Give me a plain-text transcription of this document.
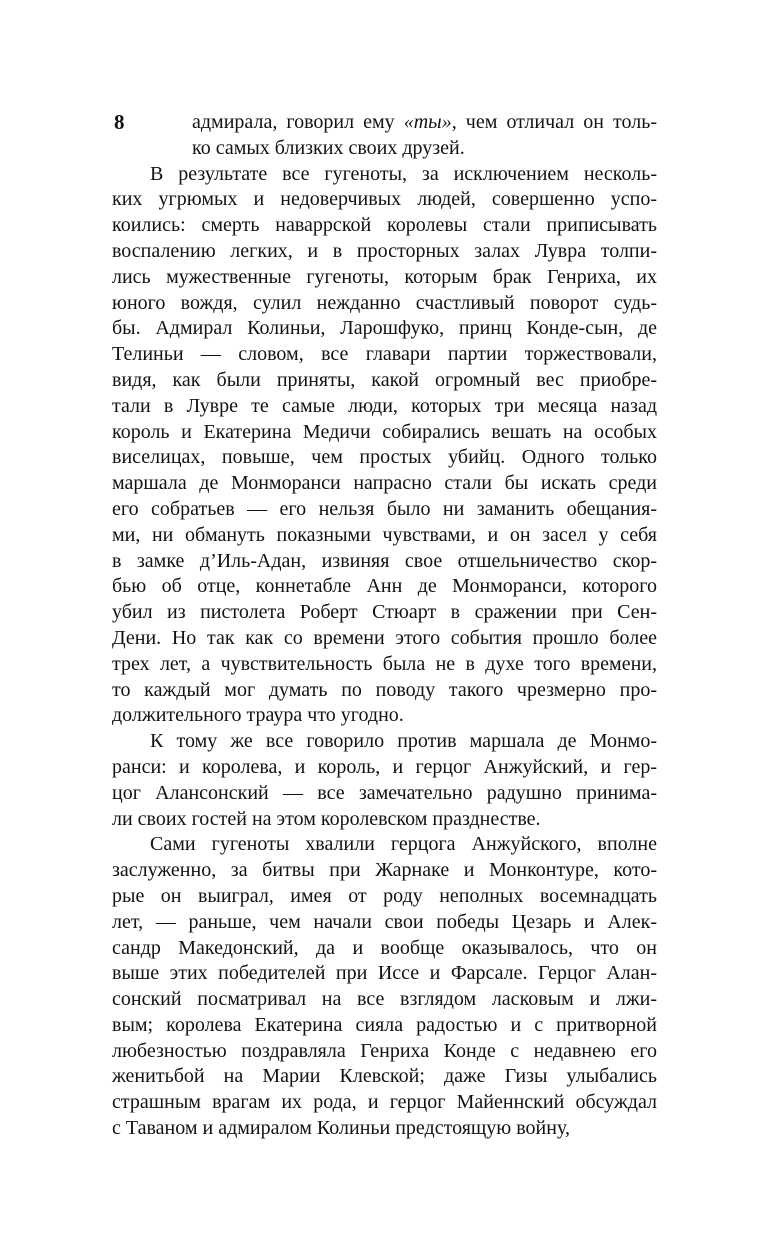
8	адмирала, говорил ему «ты», чем отличал он толь-
ко самых близких своих друзей.
В результате все гугеноты, за исключением несколь-
ких угрюмых и недоверчивых людей, совершенно успо-
коились: смерть наваррской королевы стали приписывать
воспалению легких, и в просторных залах Лувра толпи-
лись мужественные гугеноты, которым брак Генриха, их
юного вождя, сулил нежданно счастливый поворот судь-
бы. Адмирал Колиньи, Ларошфуко, принц Конде-сын, де
Телиньи — словом, все главари партии торжествовали,
видя, как были приняты, какой огромный вес приобре-
тали в Лувре те самые люди, которых три месяца назад
король и Екатерина Медичи собирались вешать на особых
виселицах, повыше, чем простых убийц. Одного только
маршала де Монморанси напрасно стали бы искать среди
его собратьев — его нельзя было ни заманить обещания-
ми, ни обмануть показными чувствами, и он засел у себя
в замке д’Иль-Адан, извиняя свое отшельничество скор-
бью об отце, коннетабле Анн де Монморанси, которого
убил из пистолета Роберт Стюарт в сражении при Сен-
Дени. Но так как со времени этого события прошло более
трех лет, а чувствительность была не в духе того времени,
то каждый мог думать по поводу такого чрезмерно про-
должительного траура что угодно.
К тому же все говорило против маршала де Монмо-
ранси: и королева, и король, и герцог Анжуйский, и гер-
цог Алансонский — все замечательно радушно принима-
ли своих гостей на этом королевском празднестве.
Сами гугеноты хвалили герцога Анжуйского, вполне
заслуженно, за битвы при Жарнаке и Монконтуре, кото-
рые он выиграл, имея от роду неполных восемнадцать
лет, — раньше, чем начали свои победы Цезарь и Алек-
сандр Македонский, да и вообще оказывалось, что он
выше этих победителей при Иссе и Фарсале. Герцог Алан-
сонский посматривал на все взглядом ласковым и лжи-
вым; королева Екатерина сияла радостью и с притворной
любезностью поздравляла Генриха Конде с недавнею его
женитьбой на Марии Клевской; даже Гизы улыбались
страшным врагам их рода, и герцог Майеннский обсуждал
с Таваном и адмиралом Колиньи предстоящую войну,
